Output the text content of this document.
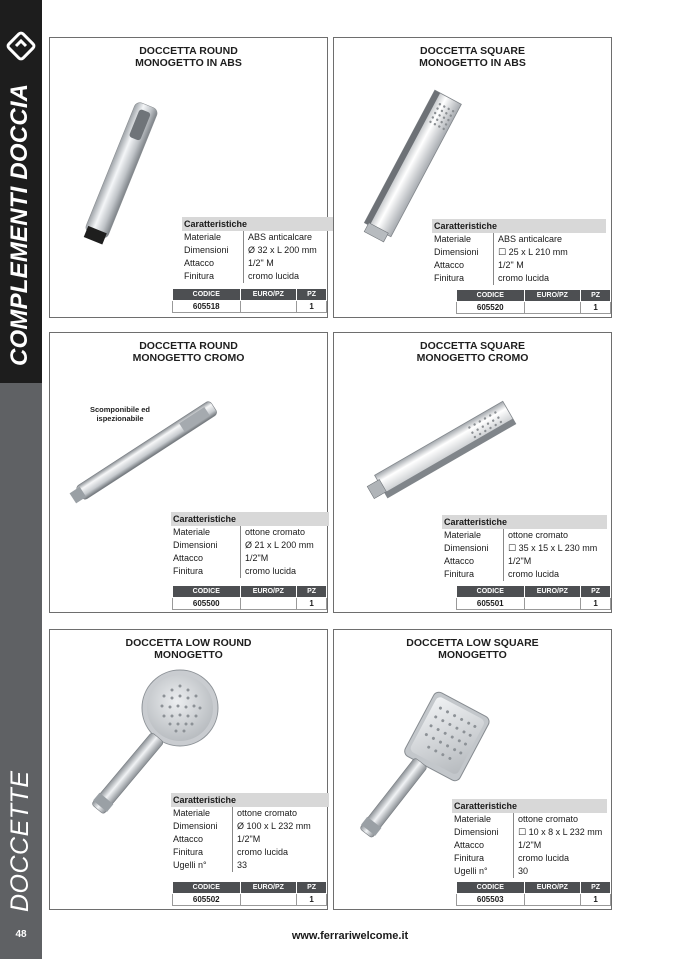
COMPLEMENTI DOCCIA
DOCCETTE
48
DOCCETTA ROUND
MONOGETTO IN ABS
Caratteristiche
Materiale	ABS anticalcare
Dimensioni	Ø 32 x L 200 mm
Attacco	1/2" M
Finitura	cromo lucida
CODICE	EURO/PZ	PZ
605518		1
DOCCETTA SQUARE
MONOGETTO IN ABS
Caratteristiche
Materiale	ABS anticalcare
Dimensioni	☐ 25 x L 210 mm
Attacco	1/2" M
Finitura	cromo lucida
CODICE	EURO/PZ	PZ
605520		1
DOCCETTA ROUND
MONOGETTO CROMO
Scomponibile ed ispezionabile
Caratteristiche
Materiale	ottone cromato
Dimensioni	Ø 21 x L 200 mm
Attacco	1/2"M
Finitura	cromo lucida
CODICE	EURO/PZ	PZ
605500		1
DOCCETTA SQUARE
MONOGETTO CROMO
Caratteristiche
Materiale	ottone cromato
Dimensioni	☐ 35 x 15 x L 230 mm
Attacco	1/2"M
Finitura	cromo lucida
CODICE	EURO/PZ	PZ
605501		1
DOCCETTA LOW ROUND
MONOGETTO
Caratteristiche
Materiale	ottone cromato
Dimensioni	Ø 100 x L 232 mm
Attacco	1/2"M
Finitura	cromo lucida
Ugelli n°	33
CODICE	EURO/PZ	PZ
605502		1
DOCCETTA LOW SQUARE
MONOGETTO
Caratteristiche
Materiale	ottone cromato
Dimensioni	☐ 10 x 8 x L 232 mm
Attacco	1/2"M
Finitura	cromo lucida
Ugelli n°	30
CODICE	EURO/PZ	PZ
605503		1
www.ferrariwelcome.it
